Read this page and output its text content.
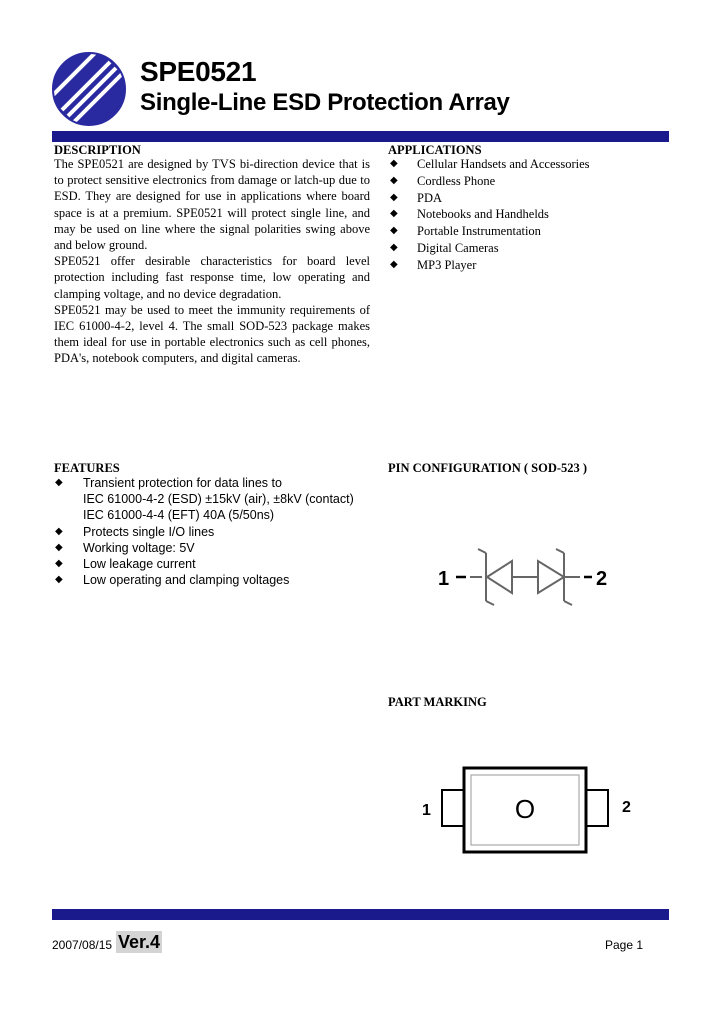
SPE0521
Single-Line ESD Protection Array
DESCRIPTION

The SPE0521 are designed by TVS bi-direction device that is to protect sensitive electronics from damage or latch-up due to ESD. They are designed for use in applications where board space is at a premium. SPE0521 will protect single line, and may be used on line where the signal polarities swing above and below ground.

SPE0521 offer desirable characteristics for board level protection including fast response time, low operating and clamping voltage, and no device degradation.

SPE0521 may be used to meet the immunity requirements of IEC 61000-4-2, level 4. The small SOD-523 package makes them ideal for use in portable electronics such as cell phones, PDA's, notebook computers, and digital cameras.

APPLICATIONS
◆ Cellular Handsets and Accessories
◆ Cordless Phone
◆ PDA
◆ Notebooks and Handhelds
◆ Portable Instrumentation
◆ Digital Cameras
◆ MP3 Player
FEATURES
◆ Transient protection for data lines to
IEC 61000-4-2 (ESD) ±15kV (air), ±8kV (contact)
IEC 61000-4-4 (EFT) 40A (5/50ns)
◆ Protects single I/O lines
◆ Working voltage: 5V
◆ Low leakage current
◆ Low operating and clamping voltages
PIN CONFIGURATION ( SOD-523 )
1	2
PART MARKING
1	O	2
2007/08/15 Ver.4	Page 1
